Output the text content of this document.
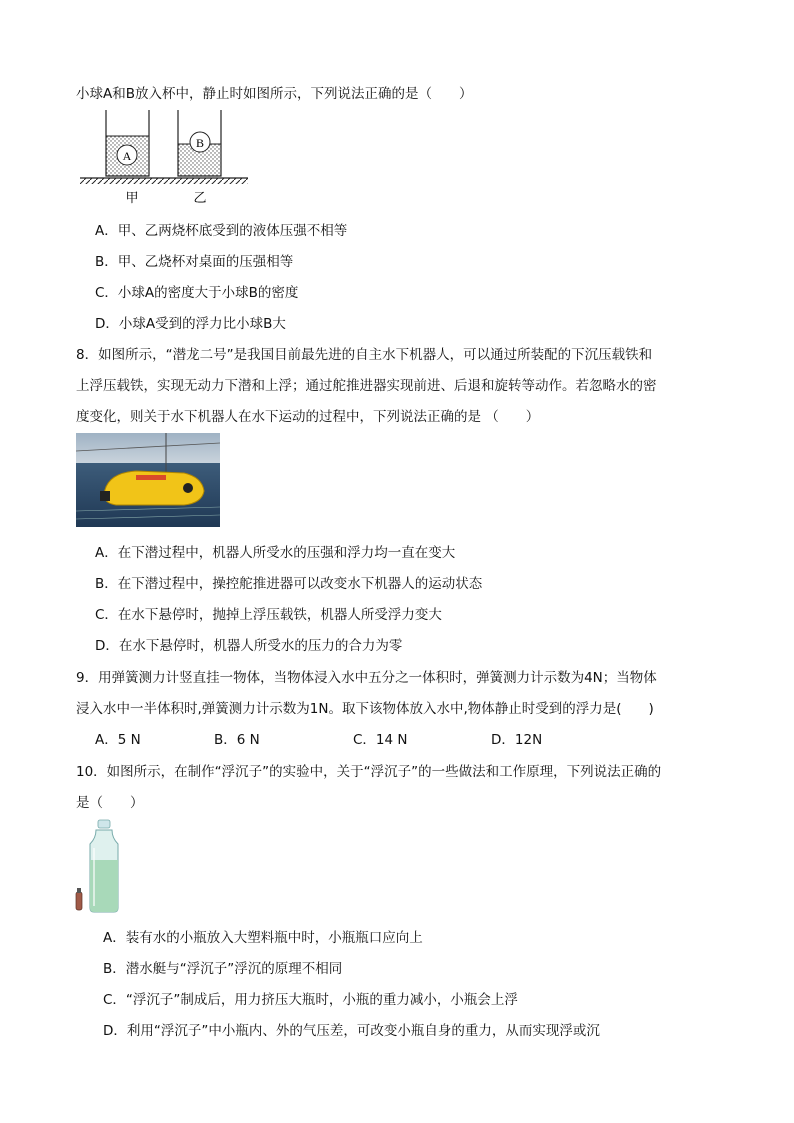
小球A和B放入杯中，静止时如图所示，下列说法正确的是（　　）
A
B
甲	乙
A．甲、乙两烧杯底受到的液体压强不相等
B．甲、乙烧杯对桌面的压强相等
C．小球A的密度大于小球B的密度
D．小球A受到的浮力比小球B大
8．如图所示，“潜龙二号”是我国目前最先进的自主水下机器人，可以通过所装配的下沉压载铁和
上浮压载铁，实现无动力下潜和上浮；通过舵推进器实现前进、后退和旋转等动作。若忽略水的密
度变化，则关于水下机器人在水下运动的过程中，下列说法正确的是 （　　）
A．在下潜过程中，机器人所受水的压强和浮力均一直在变大
B．在下潜过程中，操控舵推进器可以改变水下机器人的运动状态
C．在水下悬停时，抛掉上浮压载铁，机器人所受浮力变大
D．在水下悬停时，机器人所受水的压力的合力为零
9．用弹簧测力计竖直挂一物体，当物体浸入水中五分之一体积时，弹簧测力计示数为4N；当物体
浸入水中一半体积时,弹簧测力计示数为1N。取下该物体放入水中,物体静止时受到的浮力是(　　)
A．5 N	B．6 N	C．14 N	D．12N
10．如图所示，在制作“浮沉子”的实验中，关于“浮沉子”的一些做法和工作原理，下列说法正确的
是（　　）
A．装有水的小瓶放入大塑料瓶中时，小瓶瓶口应向上
B．潜水艇与“浮沉子”浮沉的原理不相同
C．“浮沉子”制成后，用力挤压大瓶时，小瓶的重力减小，小瓶会上浮
D．利用“浮沉子”中小瓶内、外的气压差，可改变小瓶自身的重力，从而实现浮或沉
